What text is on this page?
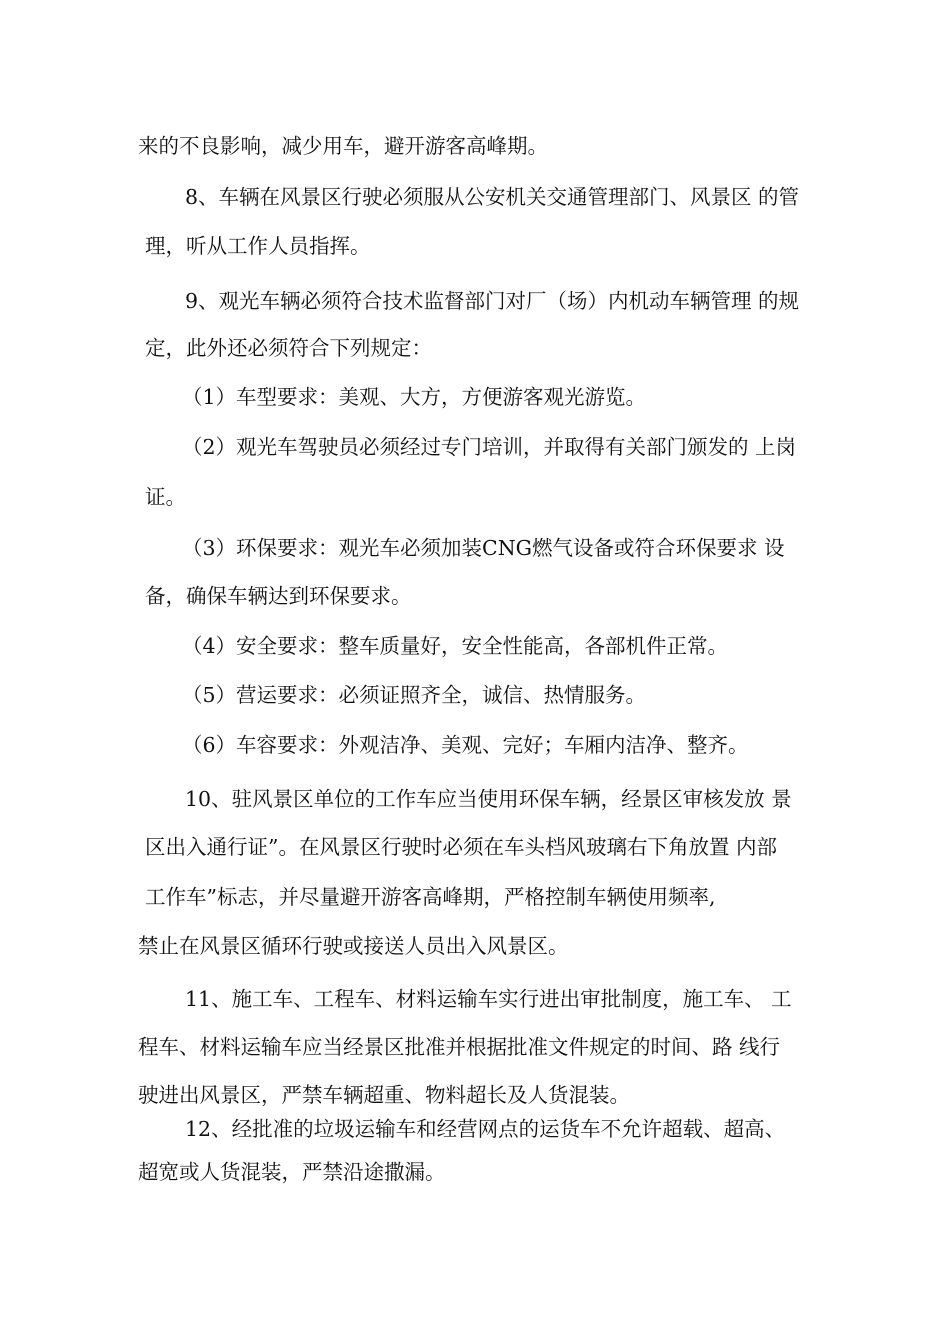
来的不良影响，减少用车，避开游客高峰期。
8、车辆在风景区行驶必须服从公安机关交通管理部门、风景区 的管
理，听从工作人员指挥。
9、观光车辆必须符合技术监督部门对厂（场）内机动车辆管理 的规
定，此外还必须符合下列规定：
（1）车型要求：美观、大方，方便游客观光游览。
（2）观光车驾驶员必须经过专门培训，并取得有关部门颁发的 上岗
证。
（3）环保要求：观光车必须加装CNG燃气设备或符合环保要求 设
备，确保车辆达到环保要求。
（4）安全要求：整车质量好，安全性能高，各部机件正常。
（5）营运要求：必须证照齐全，诚信、热情服务。
（6）车容要求：外观洁净、美观、完好；车厢内洁净、整齐。
10、驻风景区单位的工作车应当使用环保车辆，经景区审核发放 景
区出入通行证”。在风景区行驶时必须在车头档风玻璃右下角放置 内部
工作车”标志，并尽量避开游客高峰期，严格控制车辆使用频率,
禁止在风景区循环行驶或接送人员出入风景区。
11、施工车、工程车、材料运输车实行进出审批制度，施工车、 工
程车、材料运输车应当经景区批准并根据批准文件规定的时间、路 线行
驶进出风景区，严禁车辆超重、物料超长及人货混装。
12、经批准的垃圾运输车和经营网点的运货车不允许超载、超高、
超宽或人货混装，严禁沿途撒漏。
